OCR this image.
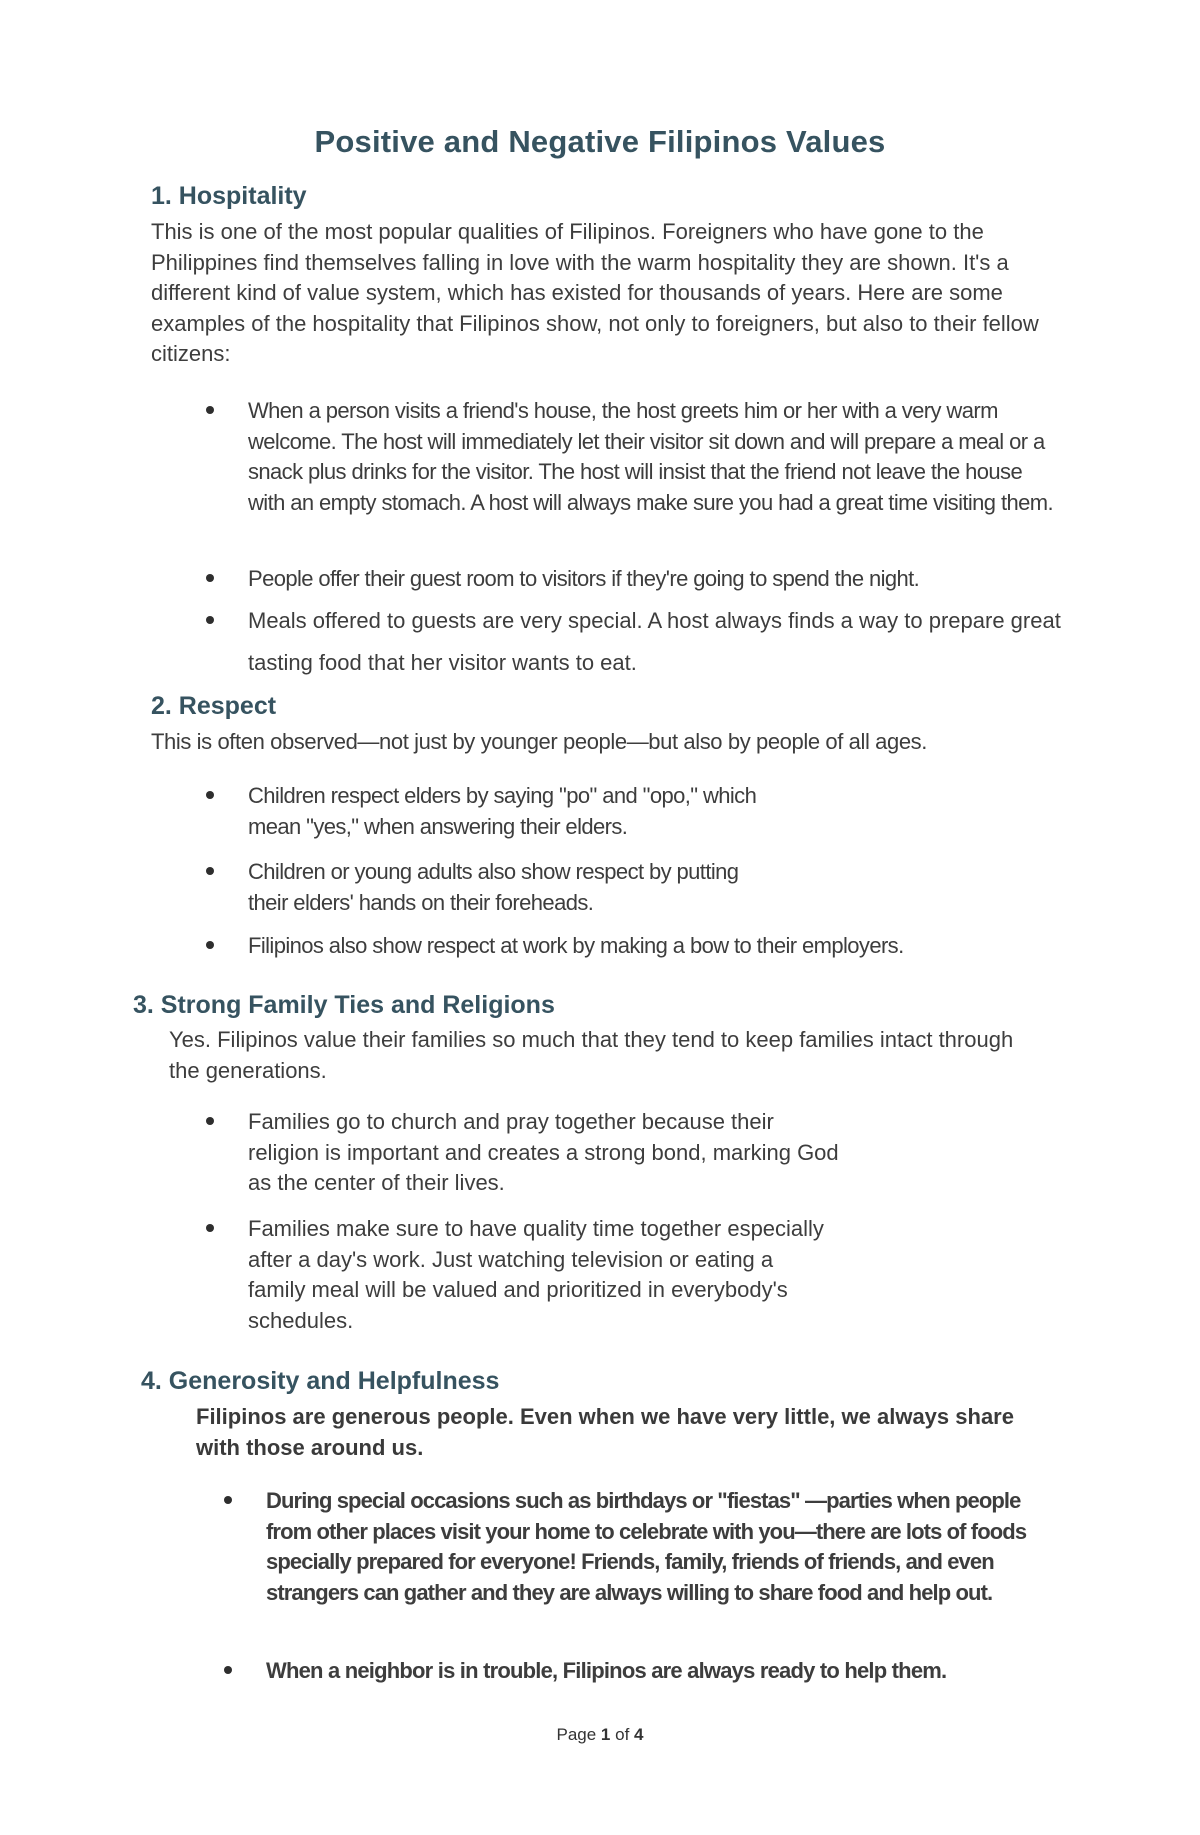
Positive and Negative Filipinos Values
1. Hospitality

This is one of the most popular qualities of Filipinos. Foreigners who have gone to the Philippines find themselves falling in love with the warm hospitality they are shown. It's a different kind of value system, which has existed for thousands of years. Here are some examples of the hospitality that Filipinos show, not only to foreigners, but also to their fellow citizens:

When a person visits a friend's house, the host greets him or her with a very warm welcome. The host will immediately let their visitor sit down and will prepare a meal or a snack plus drinks for the visitor. The host will insist that the friend not leave the house with an empty stomach. A host will always make sure you had a great time visiting them.

People offer their guest room to visitors if they're going to spend the night.

Meals offered to guests are very special. A host always finds a way to prepare great tasting food that her visitor wants to eat.

2. Respect

This is often observed—not just by younger people—but also by people of all ages.

Children respect elders by saying "po" and "opo," which mean "yes," when answering their elders.

Children or young adults also show respect by putting their elders' hands on their foreheads.

Filipinos also show respect at work by making a bow to their employers.

3. Strong Family Ties and Religions

Yes. Filipinos value their families so much that they tend to keep families intact through the generations.

Families go to church and pray together because their religion is important and creates a strong bond, marking God as the center of their lives.

Families make sure to have quality time together especially after a day's work. Just watching television or eating a family meal will be valued and prioritized in everybody's schedules.

4. Generosity and Helpfulness

Filipinos are generous people. Even when we have very little, we always share with those around us.

During special occasions such as birthdays or "fiestas" —parties when people from other places visit your home to celebrate with you—there are lots of foods specially prepared for everyone! Friends, family, friends of friends, and even strangers can gather and they are always willing to share food and help out.

When a neighbor is in trouble, Filipinos are always ready to help them.

Page 1 of 4
